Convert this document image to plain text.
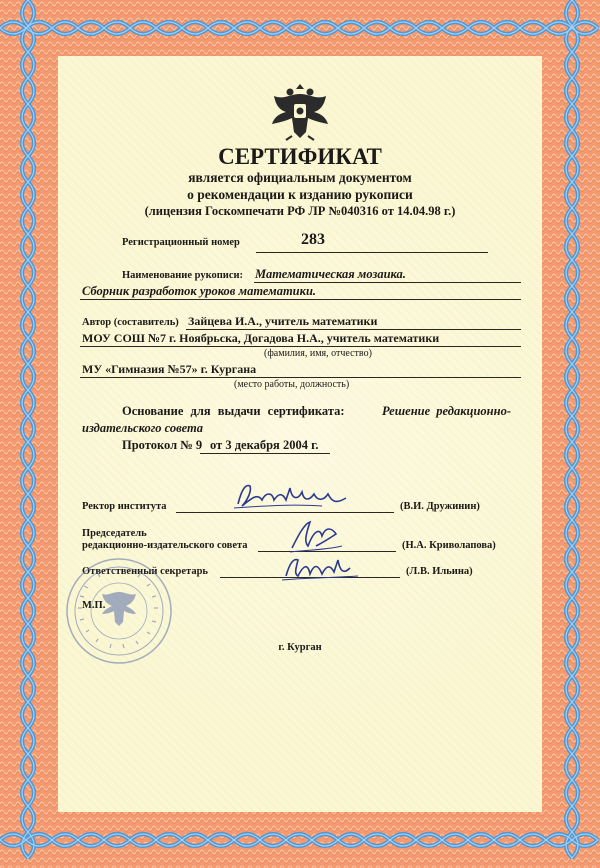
СЕРТИФИКАТ
является официальным документом
о рекомендации к изданию рукописи
(лицензия Госкомпечати РФ ЛР №040316 от 14.04.98 г.)
Регистрационный номер	283
Наименование рукописи: Математическая мозаика.
Сборник разработок уроков математики.
Автор (составитель) Зайцева И.А., учитель математики
МОУ СОШ №7 г. Ноябрьска, Догадова Н.А., учитель математики
(фамилия, имя, отчество)
МУ «Гимназия №57» г. Кургана
(место работы, должность)
Основание для выдачи сертификата:	Решение редакционно-
издательского совета
Протокол № 9 от 3 декабря 2004 г.
Ректор института	(В.И. Дружинин)
Председатель
редакционно-издательского совета	(Н.А. Криволапова)
Ответственный секретарь	(Л.В. Ильина)
М.П.
г. Курган
